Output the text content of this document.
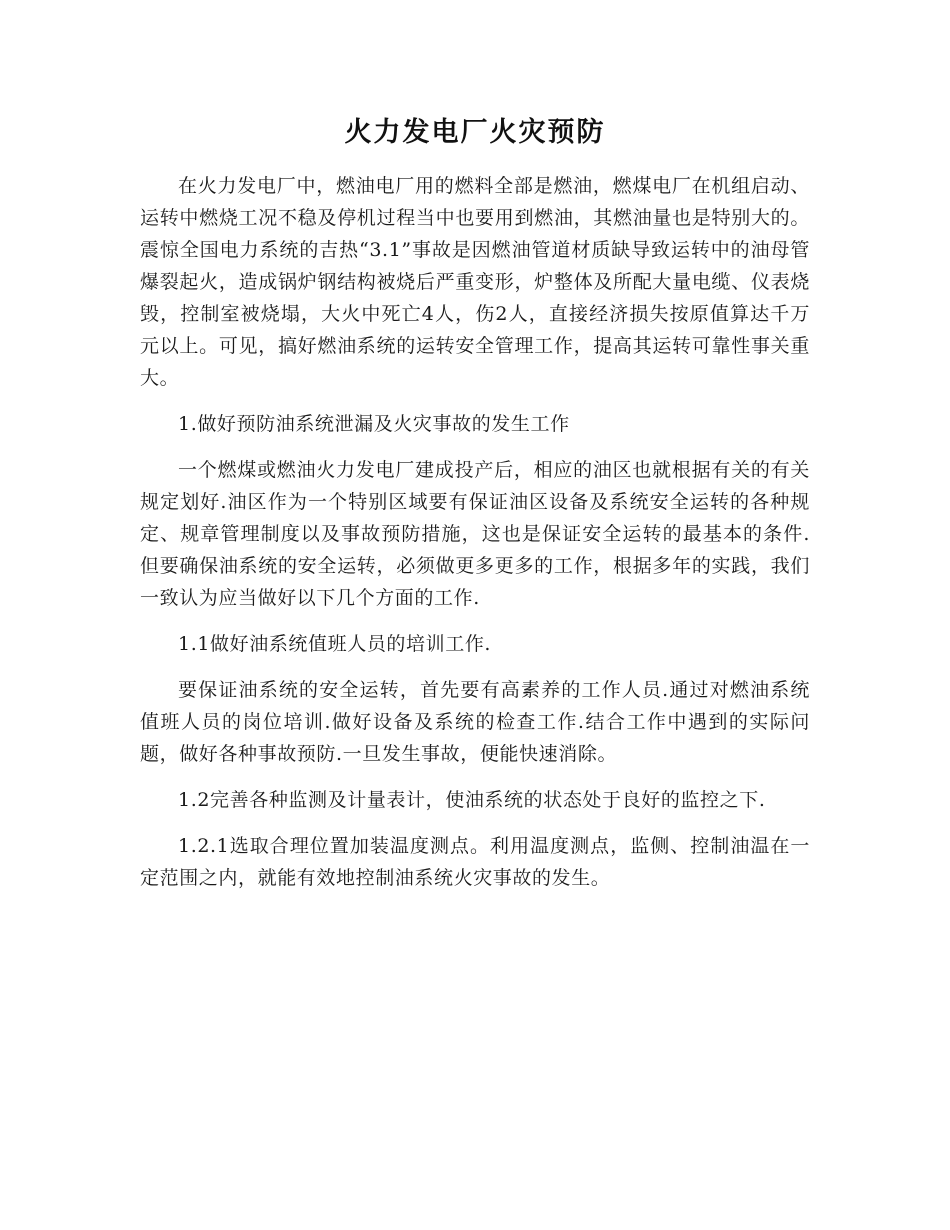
火力发电厂火灾预防

在火力发电厂中，燃油电厂用的燃料全部是燃油，燃煤电厂在机组启动、运转中燃烧工况不稳及停机过程当中也要用到燃油，其燃油量也是特别大的。震惊全国电力系统的吉热“3.1”事故是因燃油管道材质缺导致运转中的油母管爆裂起火，造成锅炉钢结构被烧后严重变形，炉整体及所配大量电缆、仪表烧毁，控制室被烧塌，大火中死亡4人，伤2人，直接经济损失按原值算达千万元以上。可见，搞好燃油系统的运转安全管理工作，提高其运转可靠性事关重大。

1.做好预防油系统泄漏及火灾事故的发生工作

一个燃煤或燃油火力发电厂建成投产后，相应的油区也就根据有关的有关规定划好.油区作为一个特别区域要有保证油区设备及系统安全运转的各种规定、规章管理制度以及事故预防措施，这也是保证安全运转的最基本的条件.但要确保油系统的安全运转，必须做更多更多的工作，根据多年的实践，我们一致认为应当做好以下几个方面的工作.

1.1做好油系统值班人员的培训工作.

要保证油系统的安全运转，首先要有高素养的工作人员.通过对燃油系统值班人员的岗位培训.做好设备及系统的检查工作.结合工作中遇到的实际问题，做好各种事故预防.一旦发生事故，便能快速消除。

1.2完善各种监测及计量表计，使油系统的状态处于良好的监控之下.

1.2.1选取合理位置加装温度测点。利用温度测点，监侧、控制油温在一定范围之内，就能有效地控制油系统火灾事故的发生。
